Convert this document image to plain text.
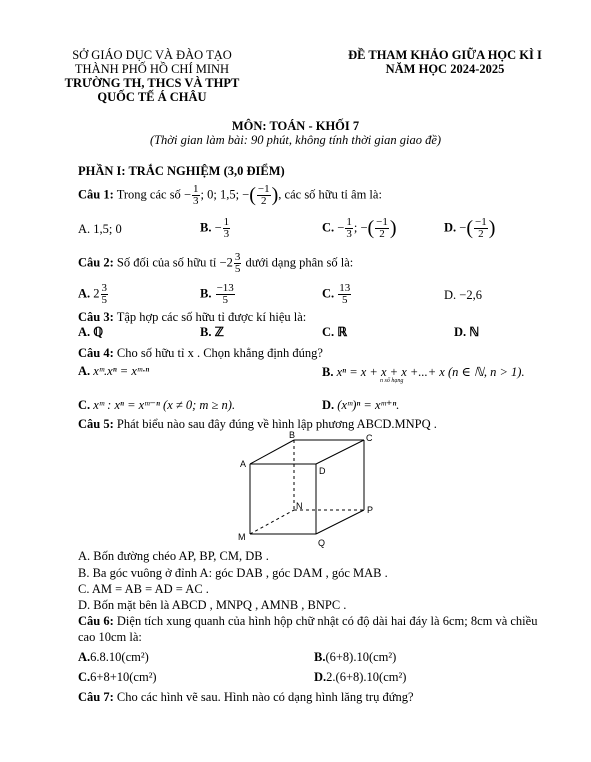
SỞ GIÁO DỤC VÀ ĐÀO TẠO
THÀNH PHỐ HỒ CHÍ MINH
TRƯỜNG TH, THCS VÀ THPT
QUỐC TẾ Á CHÂU
ĐỀ THAM KHẢO GIỮA HỌC KÌ I
NĂM HỌC 2024-2025
MÔN: TOÁN - KHỐI 7
(Thời gian làm bài: 90 phút, không tính thời gian giao đề)
PHẦN I: TRẮC NGHIỆM (3,0 ĐIỂM)
Câu 1: Trong các số − $\frac{1}{3}$ ; 0; 1,5; −( $\frac{-1}{2}$ ), các số hữu tỉ âm là:
A. 1,5; 0	B. − $\frac{1}{3}$	C. − $\frac{1}{3}$ ; −( $\frac{-1}{2}$ )	D. −( $\frac{-1}{2}$ )
Câu 2: Số đối của số hữu tỉ $-2 \frac{3}{5}$ dưới dạng phân số là:
A. $2 \frac{3}{5}$	B. $\frac{-13}{5}$	C. $\frac{13}{5}$	D. −2,6
Câu 3: Tập hợp các số hữu tỉ được kí hiệu là:
A. ℚ	B. ℤ	C. ℝ	D. ℕ
Câu 4: Cho số hữu tỉ x . Chọn khẳng định đúng?
A. xᵐ.xⁿ = xᵐ·ⁿ	B. xⁿ = x + x + x +...+ x (n ∈ ℕ, n > 1).
n số hạng
C. xᵐ : xⁿ = xᵐ⁻ⁿ (x ≠ 0; m ≥ n).	D. (xᵐ)ⁿ = xᵐ⁺ⁿ.
Câu 5: Phát biểu nào sau đây đúng về hình lập phương ABCD.MNPQ .
B	C
A
D
N	P
M
Q
A. Bốn đường chéo AP, BP, CM, DB .
B. Ba góc vuông ở đỉnh A: góc DAB , góc DAM , góc MAB .
C. AM = AB = AD = AC .
D. Bốn mặt bên là ABCD , MNPQ , AMNB , BNPC .
Câu 6: Diện tích xung quanh của hình hộp chữ nhật có độ dài hai đáy là 6cm; 8cm và chiều
cao 10cm là:
A.6.8.10(cm²)	B.(6+8).10(cm²)
C.6+8+10(cm²)	D.2.(6+8).10(cm²)
Câu 7: Cho các hình vẽ sau. Hình nào có dạng hình lăng trụ đứng?
